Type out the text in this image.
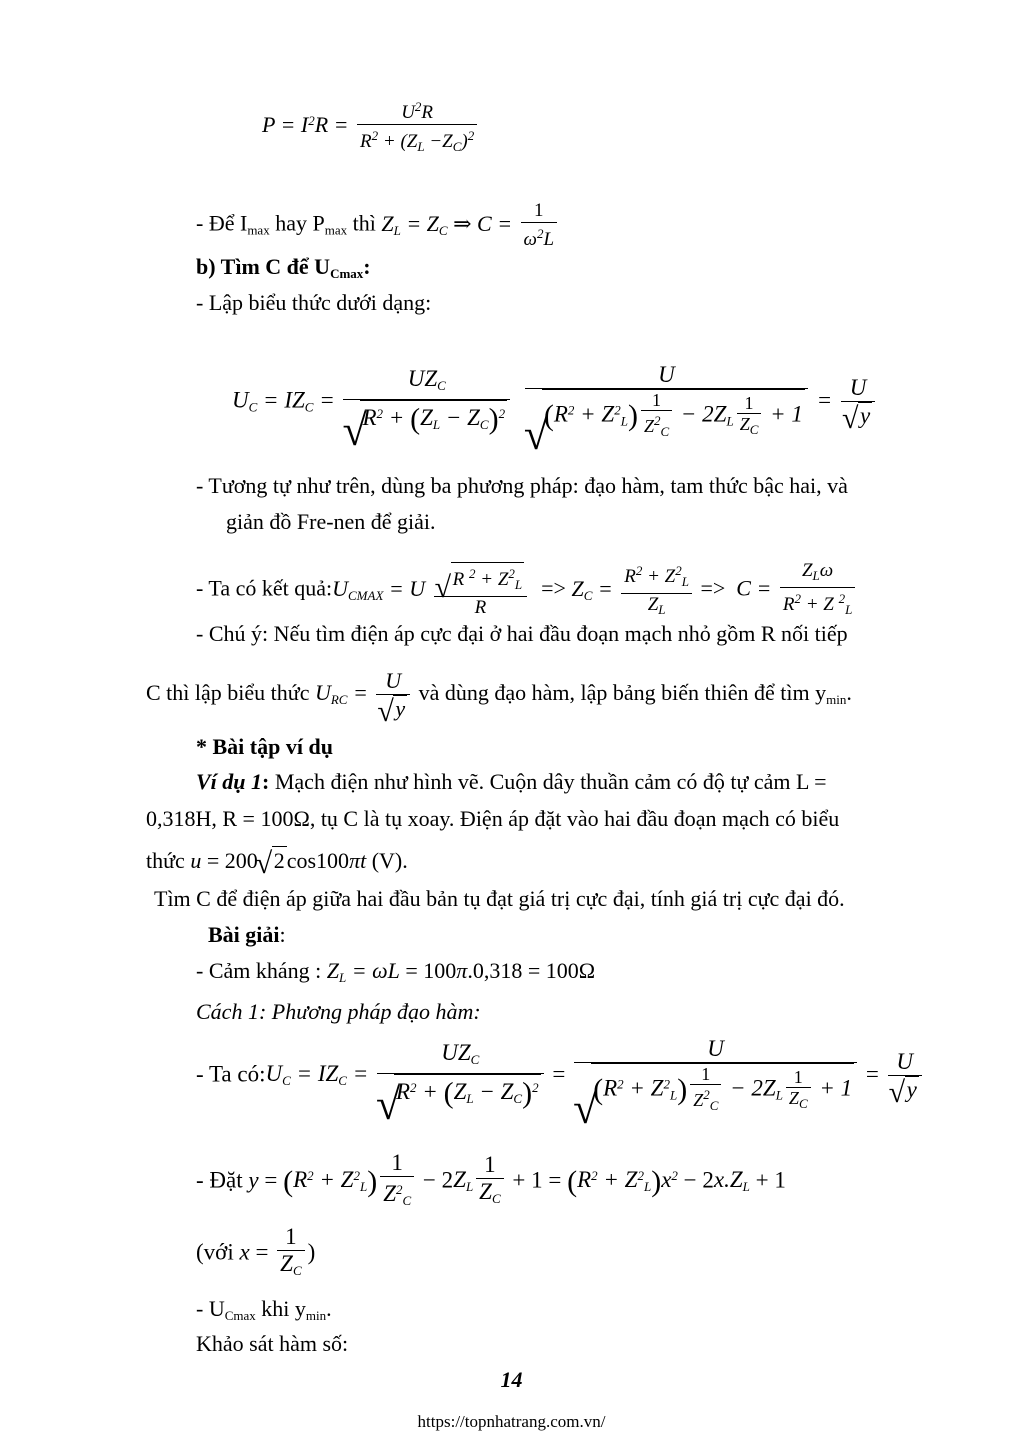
$P = I^2R = \frac{U^2R}{R^2 + (Z_L -Z_C)^2}$
- Để $I_{max}$ hay $P_{max}$ thì $Z_L = Z_C$ ⇒ $C = \frac{1}{\omega^2L}$
b) Tìm C để $U_{Cmax}$:
- Lập biểu thức dưới dạng:
$U_C = IZ_C = UZ_C$
√ $R^2 + (Z_L - Z_C)^2$
U
√ $(R^2 + Z^2_L) \frac{1}{Z^2_C} - 2Z_L \frac{1}{Z_C} + 1 = U$
√ y
- Tương tự như trên, dùng ba phương pháp: đạo hàm, tam thức bậc hai, và
giản đồ Fre-nen để giải.
- Ta có kết $quả:U_{CMAX} = U$ √ $\frac{R ^2 + Z^2_L}{R} => Z_C = \frac{R^2 + Z^2_L}{Z_L} => C = \frac{Z_L\omega}{R^2 + Z ^2_L}$
- Chú ý: Nếu tìm điện áp cực đại ở hai đầu đoạn mạch nhỏ gồm R nối tiếp
C thì lập biểu thức $U_{RC} = U$
√ y và dùng đạo hàm, lập bảng biến thiên để tìm $y_{min}$.
* Bài tập ví dụ
Ví dụ 1: Mạch điện như hình vẽ. Cuộn dây thuần cảm có độ tự cảm L =
0,318H, R = 100Ω, tụ C là tụ xoay. Điện áp đặt vào hai đầu đoạn mạch có biểu
thức u = 200 √ 2cos100πt (V).
Tìm C để điện áp giữa hai đầu bản tụ đạt giá trị cực đại, tính giá trị cực đại đó.
Bài giải:
- Cảm kháng : $Z_L = \omega L = 100\pi.0,318 = 100\Omega$
Cách 1: Phương pháp đạo hàm:
- Ta $có:U_C = IZ_C = UZ_C$
√ $R^2 + (Z_L - Z_C)^2 = U$
√ $(R^2 + Z^2_L) \frac{1}{Z^2_C} - 2Z_L \frac{1}{Z_C} + 1 = U$
√ y
- Đặt $y = (R^2 + Z^2_L) \frac{1}{Z^2_C} - 2Z_L \frac{1}{Z_C} + 1 = (R^2 + Z^2_L)x^2 - 2x.Z_L + 1$
(với $x = \frac{1}{Z_C}$ )
- $U_{Cmax}$ khi $y_{min}$.
Khảo sát hàm số:
14
https://topnhatrang.com.vn/
